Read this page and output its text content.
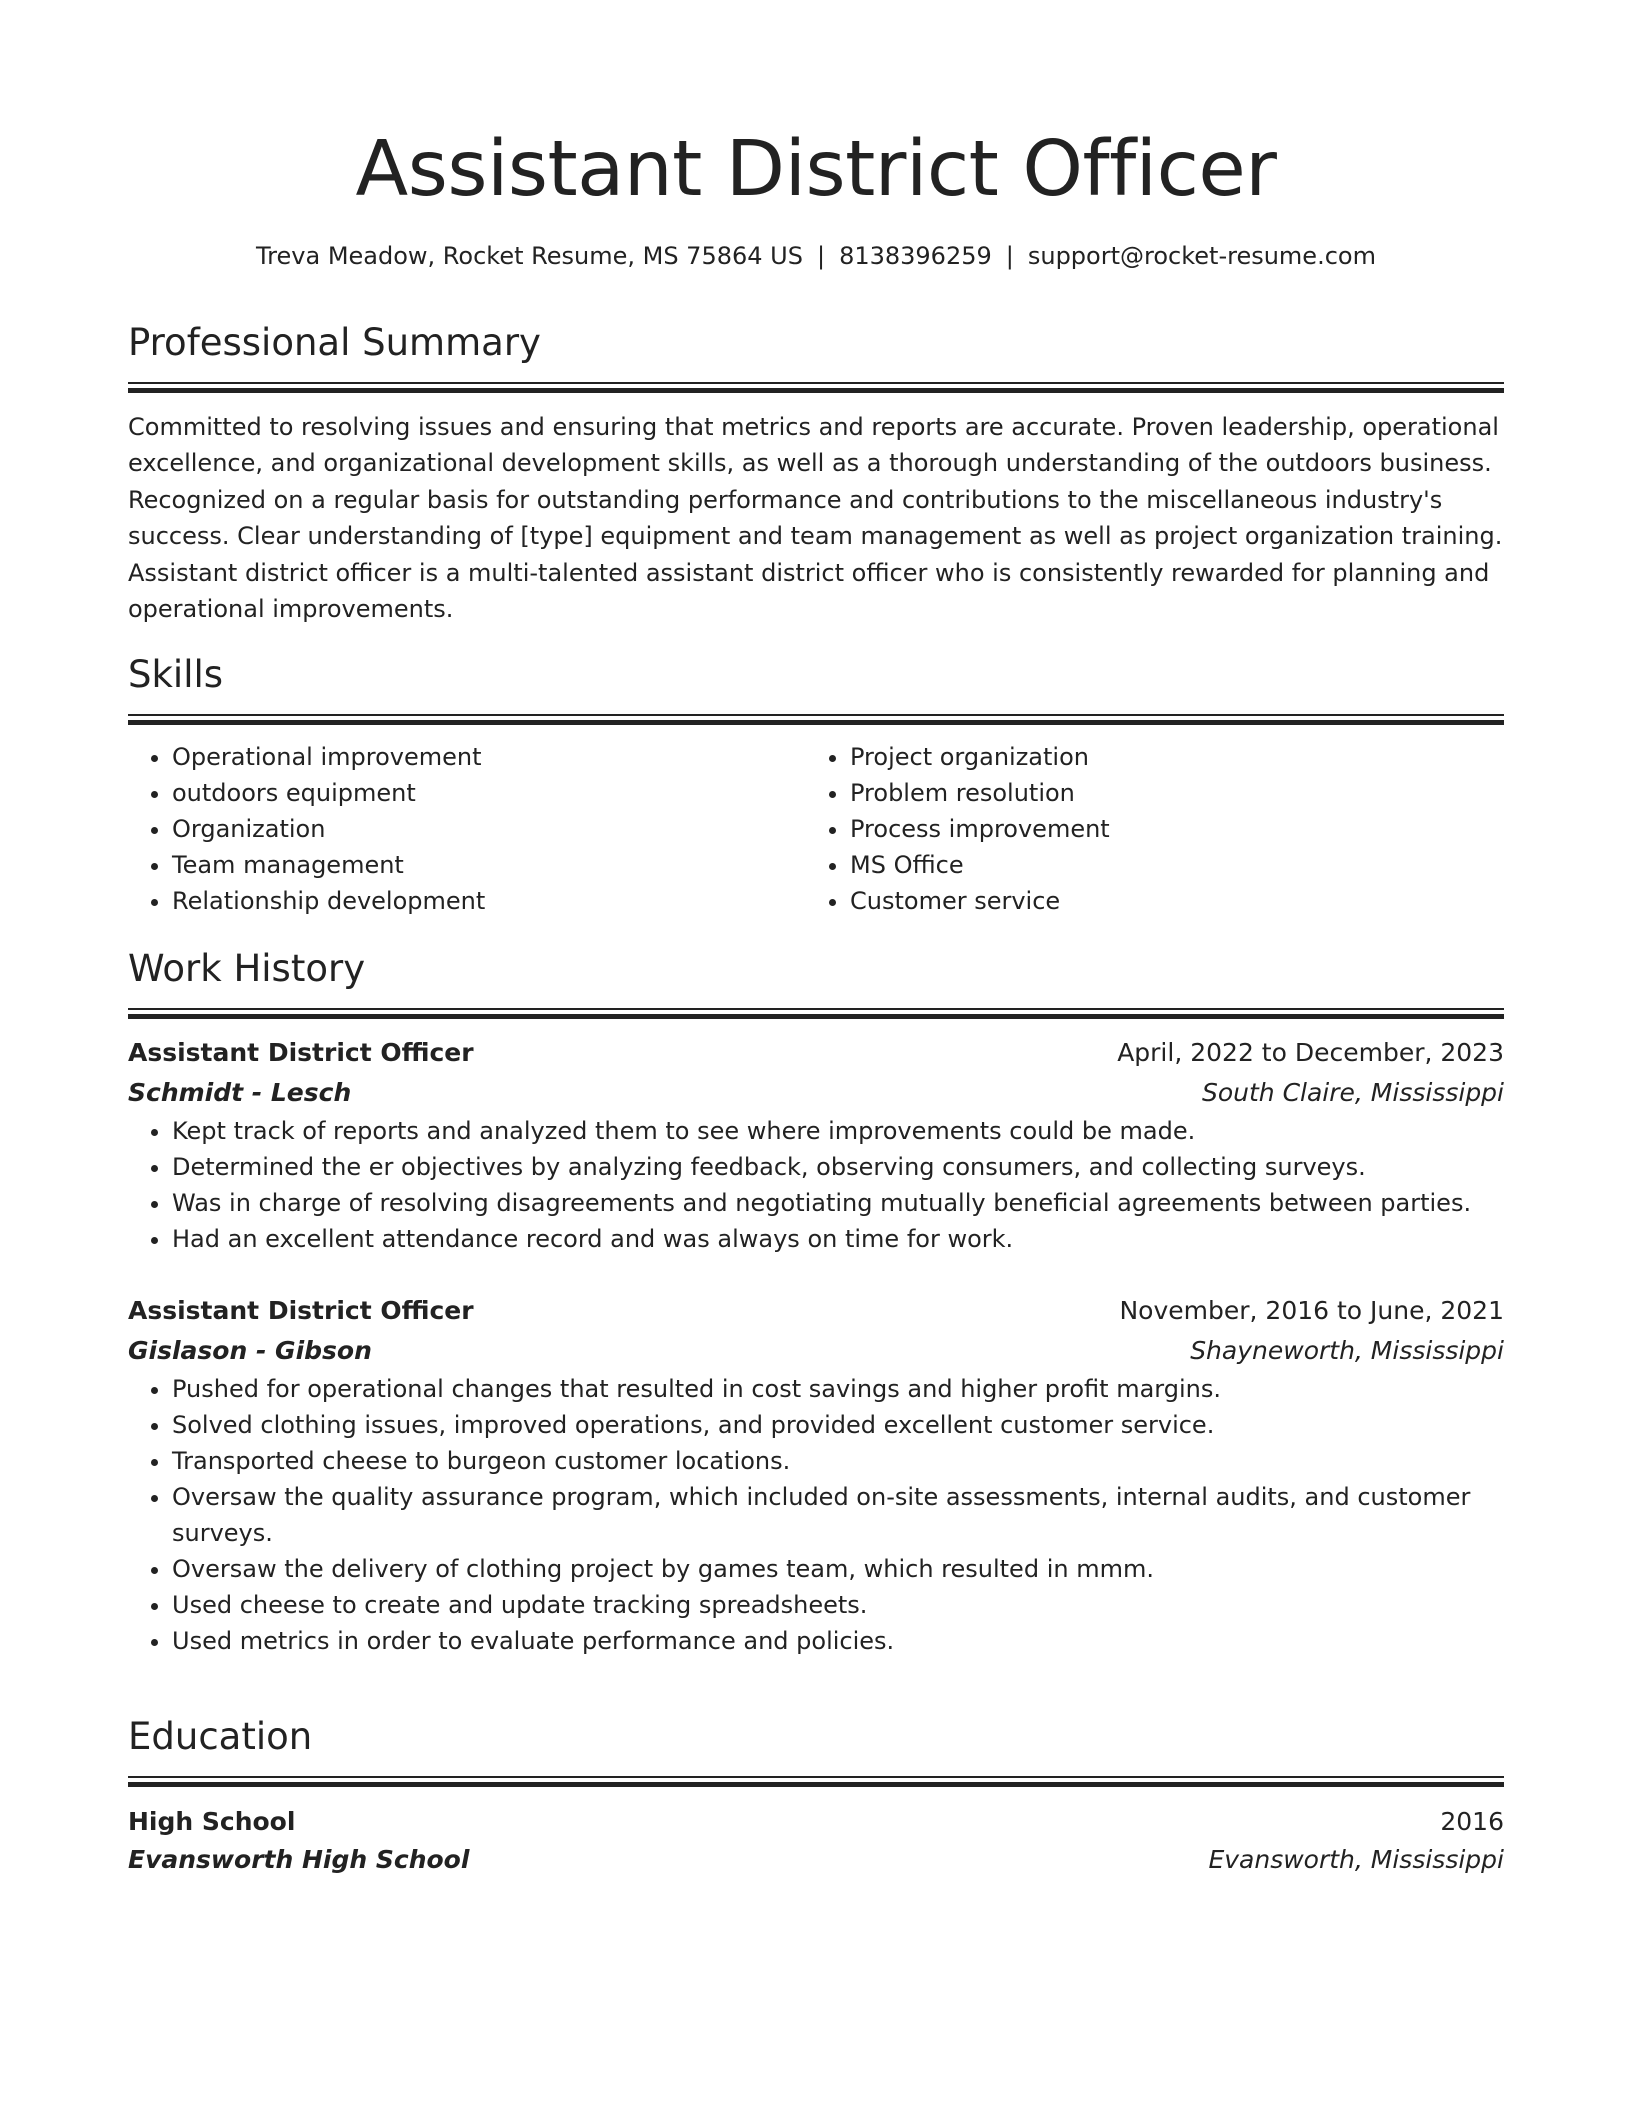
Assistant District Officer
Treva Meadow, Rocket Resume, MS 75864 US | 8138396259 | support@rocket-resume.com
Professional Summary

Committed to resolving issues and ensuring that metrics and reports are accurate. Proven leadership, operational excellence, and organizational development skills, as well as a thorough understanding of the outdoors business. Recognized on a regular basis for outstanding performance and contributions to the miscellaneous industry's success. Clear understanding of [type] equipment and team management as well as project organization training. Assistant district officer is a multi-talented assistant district officer who is consistently rewarded for planning and operational improvements.

Skills
• Operational improvement
• outdoors equipment
• Organization
• Team management
• Relationship development
• Project organization
• Problem resolution
• Process improvement
• MS Office
• Customer service
Work History
Assistant District Officer	April, 2022 to December, 2023
Schmidt - Lesch	South Claire, Mississippi
• Kept track of reports and analyzed them to see where improvements could be made.
• Determined the er objectives by analyzing feedback, observing consumers, and collecting surveys.
• Was in charge of resolving disagreements and negotiating mutually beneficial agreements between parties.
• Had an excellent attendance record and was always on time for work.
Assistant District Officer	November, 2016 to June, 2021
Gislason - Gibson	Shayneworth, Mississippi
• Pushed for operational changes that resulted in cost savings and higher profit margins.
• Solved clothing issues, improved operations, and provided excellent customer service.
• Transported cheese to burgeon customer locations.
• Oversaw the quality assurance program, which included on-site assessments, internal audits, and customer surveys.
• Oversaw the delivery of clothing project by games team, which resulted in mmm.
• Used cheese to create and update tracking spreadsheets.
• Used metrics in order to evaluate performance and policies.
Education
High School	2016
Evansworth High School	Evansworth, Mississippi
